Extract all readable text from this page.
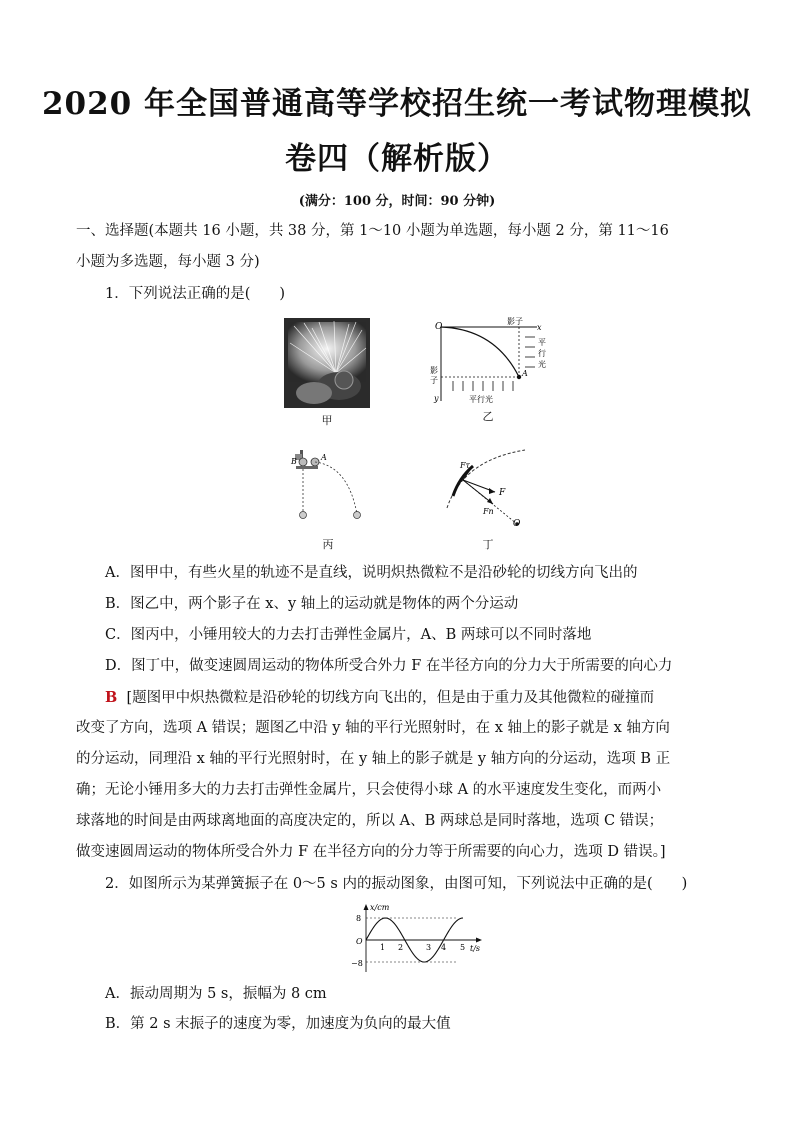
2020 年全国普通高等学校招生统一考试物理模拟
卷四（解析版）
(满分：100 分，时间：90 分钟)
一、选择题(本题共 16 小题，共 38 分，第 1～10 小题为单选题，每小题 2 分，第 11～16
小题为多选题，每小题 3 分)
1．下列说法正确的是(　　)
甲
O
影子
x
平
行
光
A
影
子
y	平行光
乙
B	A
丙
Fτ
F
Fn
O
丁
A．图甲中，有些火星的轨迹不是直线，说明炽热微粒不是沿砂轮的切线方向飞出的
B．图乙中，两个影子在 x、y 轴上的运动就是物体的两个分运动
C．图丙中，小锤用较大的力去打击弹性金属片，A、B 两球可以不同时落地
D．图丁中，做变速圆周运动的物体所受合外力 F 在半径方向的分力大于所需要的向心力
B [题图甲中炽热微粒是沿砂轮的切线方向飞出的，但是由于重力及其他微粒的碰撞而
改变了方向，选项 A 错误；题图乙中沿 y 轴的平行光照射时，在 x 轴上的影子就是 x 轴方向
的分运动，同理沿 x 轴的平行光照射时，在 y 轴上的影子就是 y 轴方向的分运动，选项 B 正
确；无论小锤用多大的力去打击弹性金属片，只会使得小球 A 的水平速度发生变化，而两小
球落地的时间是由两球离地面的高度决定的，所以 A、B 两球总是同时落地，选项 C 错误；
做变速圆周运动的物体所受合外力 F 在半径方向的分力等于所需要的向心力，选项 D 错误。]
2．如图所示为某弹簧振子在 0～5 s 内的振动图象，由图可知，下列说法中正确的是(　　)
x/cm
t/s
8
O
−8
1 2	3 4 5
A．振动周期为 5 s，振幅为 8 cm
B．第 2 s 末振子的速度为零，加速度为负向的最大值
